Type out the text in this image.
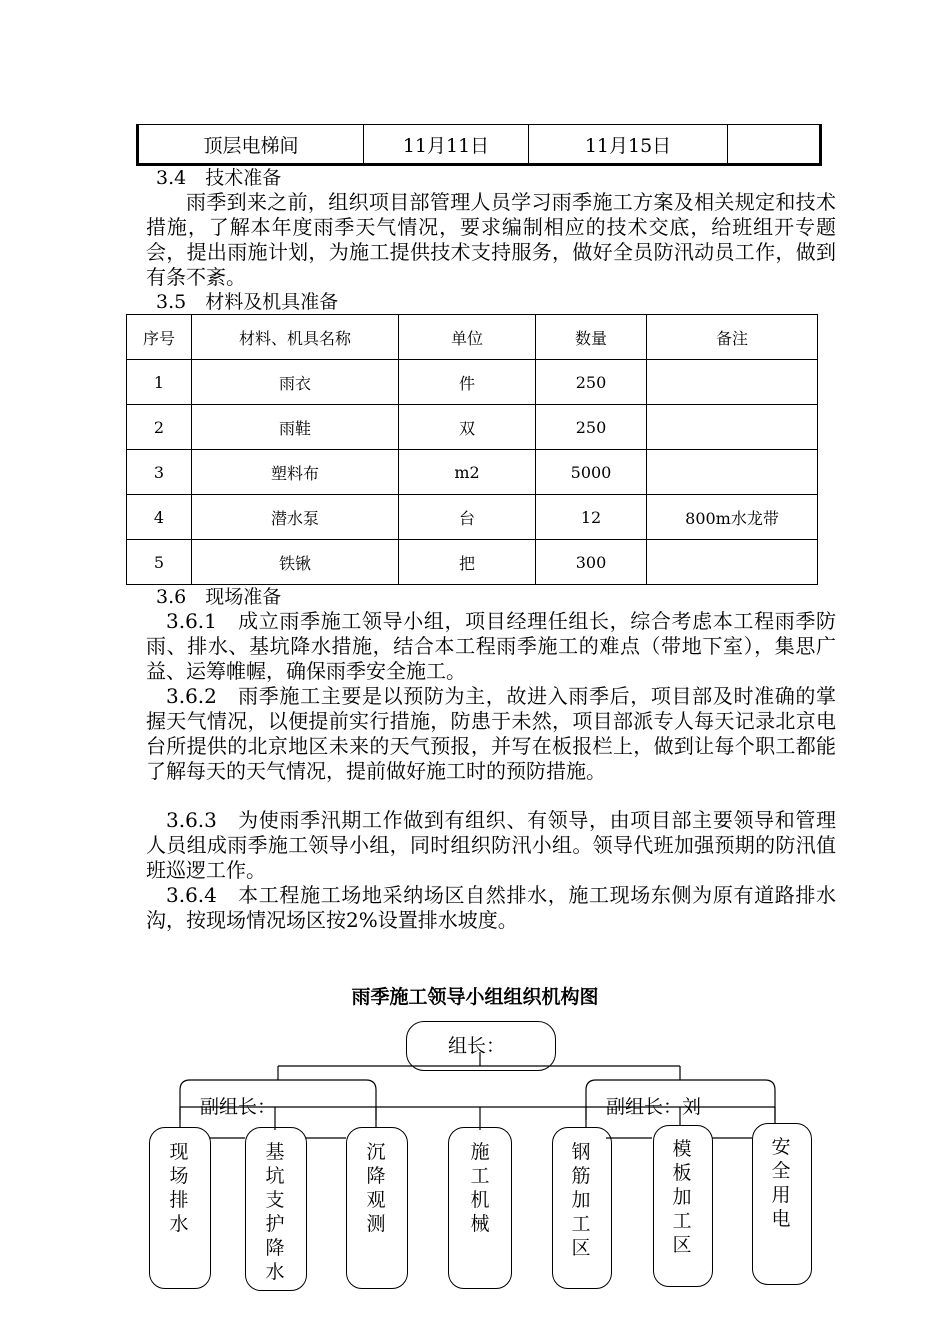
顶层电梯间	11月11日	11月15日	
3.4　技术准备
雨季到来之前，组织项目部管理人员学习雨季施工方案及相关规定和技术措施，了解本年度雨季天气情况，要求编制相应的技术交底，给班组开专题会，提出雨施计划，为施工提供技术支持服务，做好全员防汛动员工作，做到有条不紊。
3.5　材料及机具准备
序号	材料、机具名称	单位	数量	备注
1	雨衣	件	250	
2	雨鞋	双	250	
3	塑料布	m2	5000	
4	潜水泵	台	12	800m水龙带
5	铁锹	把	300	
3.6　现场准备
3.6.1　成立雨季施工领导小组，项目经理任组长，综合考虑本工程雨季防雨、排水、基坑降水措施，结合本工程雨季施工的难点（带地下室），集思广益、运筹帷幄，确保雨季安全施工。
3.6.2　雨季施工主要是以预防为主，故进入雨季后，项目部及时准确的掌握天气情况，以便提前实行措施，防患于未然，项目部派专人每天记录北京电台所提供的北京地区未来的天气预报，并写在板报栏上，做到让每个职工都能了解每天的天气情况，提前做好施工时的预防措施。
3.6.3　为使雨季汛期工作做到有组织、有领导，由项目部主要领导和管理人员组成雨季施工领导小组，同时组织防汛小组。领导代班加强预期的防汛值班巡逻工作。
3.6.4　本工程施工场地采纳场区自然排水，施工现场东侧为原有道路排水沟，按现场情况场区按2%设置排水坡度。
雨季施工领导小组组织机构图
组长：
副组长：	副组长：刘
现场排水
基坑支护降水
沉降观测
施工机械
钢筋加工区
模板加工区
安全用电
